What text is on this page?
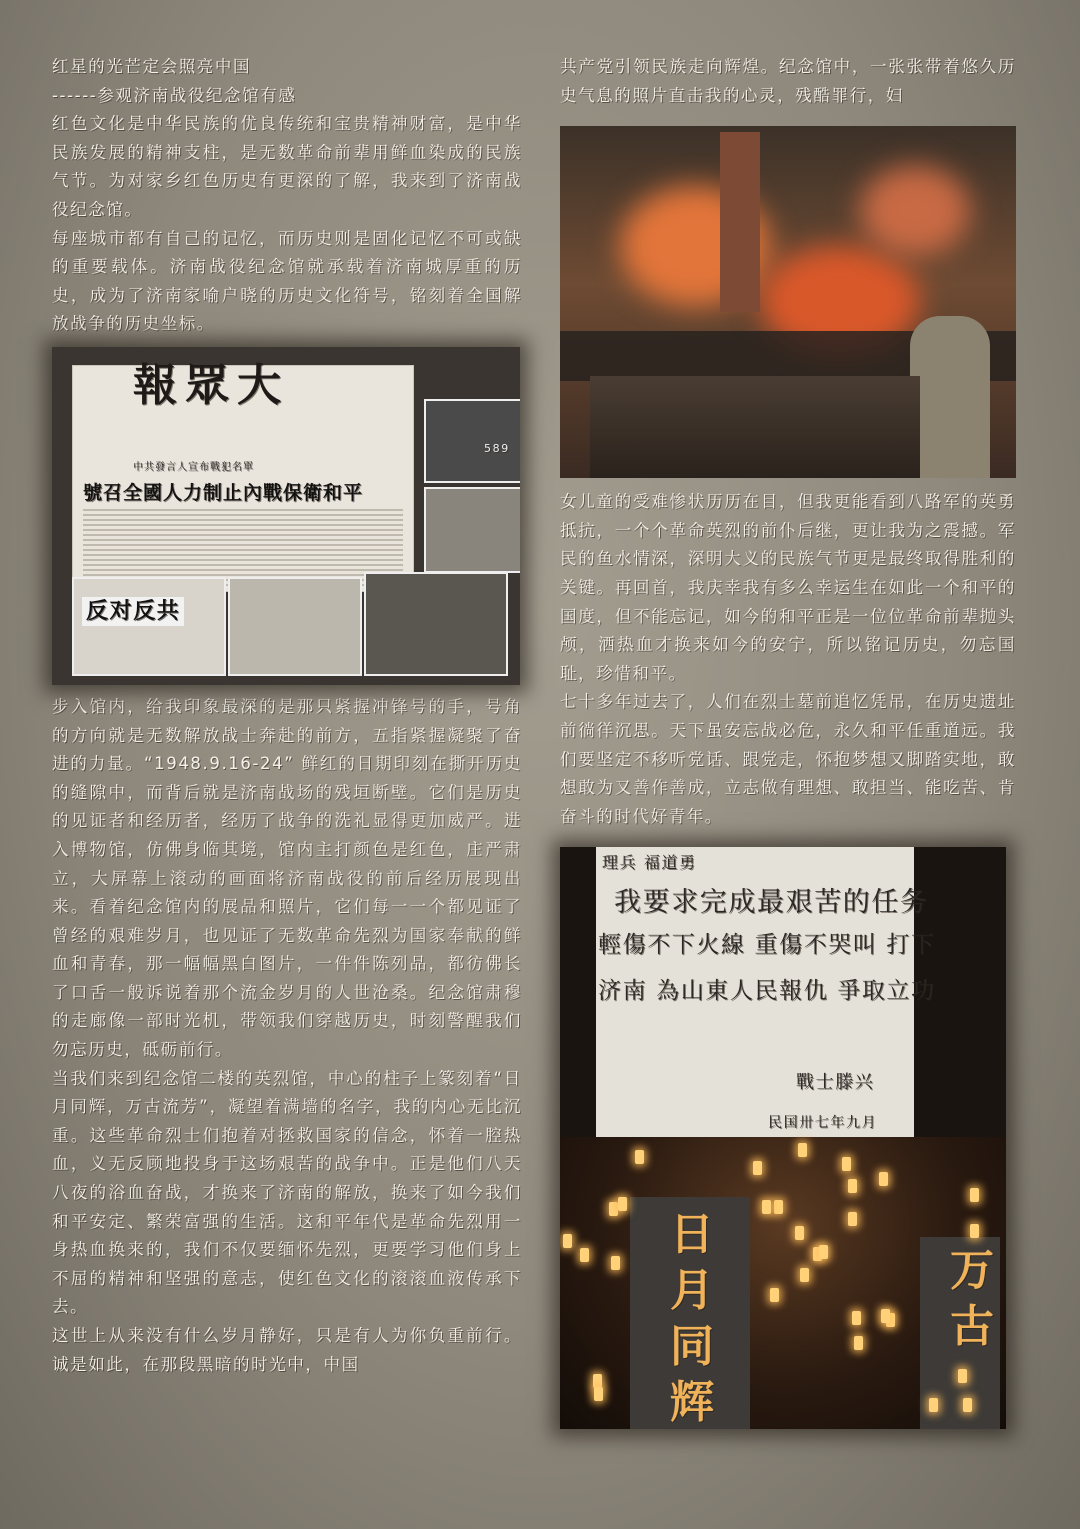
红星的光芒定会照亮中国

------参观济南战役纪念馆有感

红色文化是中华民族的优良传统和宝贵精神财富，是中华民族发展的精神支柱，是无数革命前辈用鲜血染成的民族气节。为对家乡红色历史有更深的了解，我来到了济南战役纪念馆。

每座城市都有自己的记忆，而历史则是固化记忆不可或缺的重要载体。济南战役纪念馆就承载着济南城厚重的历史，成为了济南家喻户晓的历史文化符号，铭刻着全国解放战争的历史坐标。

報眾大
中共發言人宣布戰犯名單
號召全國人力制止內戰保衛和平
589
反对反共

步入馆内，给我印象最深的是那只紧握冲锋号的手，号角的方向就是无数解放战士奔赴的前方，五指紧握凝聚了奋进的力量。“1948.9.16-24” 鲜红的日期印刻在撕开历史的缝隙中，而背后就是济南战场的残垣断壁。它们是历史的见证者和经历者，经历了战争的洗礼显得更加威严。进入博物馆，仿佛身临其境，馆内主打颜色是红色，庄严肃立，大屏幕上滚动的画面将济南战役的前后经历展现出来。看着纪念馆内的展品和照片，它们每一一个都见证了曾经的艰难岁月，也见证了无数革命先烈为国家奉献的鲜血和青春，那一幅幅黑白图片，一件件陈列品，都彷佛长了口舌一般诉说着那个流金岁月的人世沧桑。纪念馆肃穆的走廊像一部时光机，带领我们穿越历史，时刻警醒我们勿忘历史，砥砺前行。

当我们来到纪念馆二楼的英烈馆，中心的柱子上篆刻着“日月同辉，万古流芳”，凝望着满墙的名字，我的内心无比沉重。这些革命烈士们抱着对拯救国家的信念，怀着一腔热血，义无反顾地投身于这场艰苦的战争中。正是他们八天八夜的浴血奋战，才换来了济南的解放，换来了如今我们和平安定、繁荣富强的生活。这和平年代是革命先烈用一身热血换来的，我们不仅要缅怀先烈，更要学习他们身上不屈的精神和坚强的意志，使红色文化的滚滚血液传承下去。

这世上从来没有什么岁月静好，只是有人为你负重前行。诚是如此，在那段黑暗的时光中，中国

共产党引领民族走向辉煌。纪念馆中，一张张带着悠久历史气息的照片直击我的心灵，残酷罪行，妇

女儿童的受难惨状历历在目，但我更能看到八路军的英勇抵抗，一个个革命英烈的前仆后继，更让我为之震撼。军民的鱼水情深，深明大义的民族气节更是最终取得胜利的关键。再回首，我庆幸我有多么幸运生在如此一个和平的国度，但不能忘记，如今的和平正是一位位革命前辈抛头颅，洒热血才换来如今的安宁，所以铭记历史，勿忘国耻，珍惜和平。

七十多年过去了，人们在烈士墓前追忆凭吊，在历史遗址前徜徉沉思。天下虽安忘战必危，永久和平任重道远。我们要坚定不移听党话、跟党走，怀抱梦想又脚踏实地，敢想敢为又善作善成，立志做有理想、敢担当、能吃苦、肯奋斗的时代好青年。

理兵 福道勇
我要求完成最艰苦的任务
輕傷不下火線 重傷不哭叫 打下
济南 為山東人民報仇 爭取立功
戰士滕兴
民国卅七年九月
日
月
同
辉
万
古
